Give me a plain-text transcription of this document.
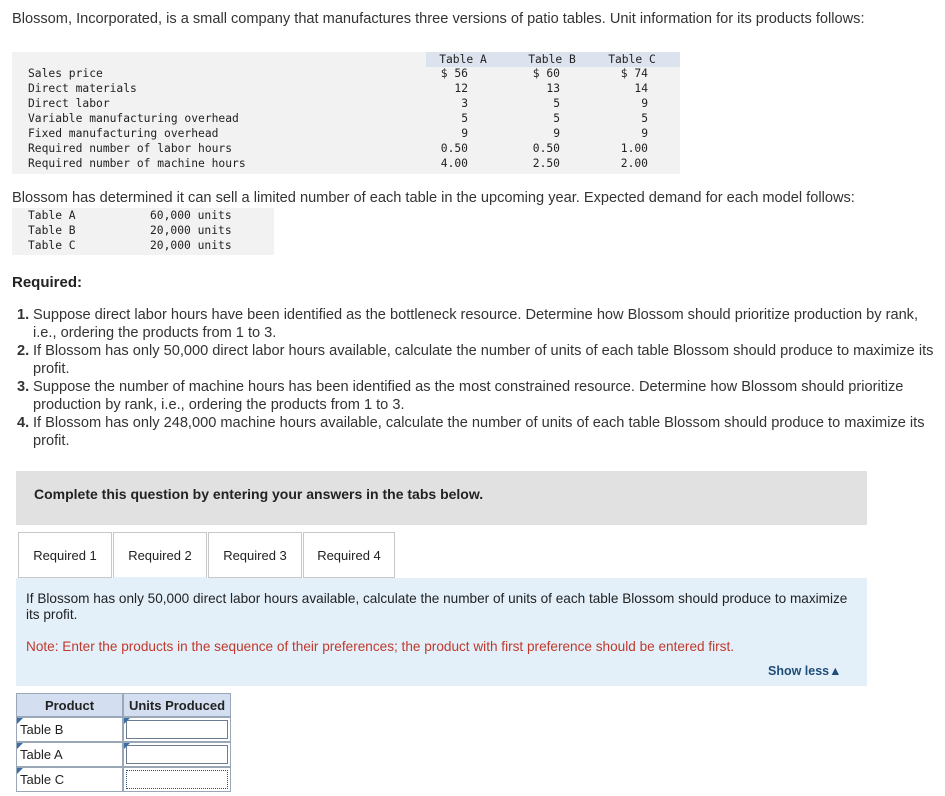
Blossom, Incorporated, is a small company that manufactures three versions of patio tables. Unit information for its products follows:
Table A	Table B	Table C
Sales price	$ 56	$ 60	$ 74
Direct materials	12	13	14
Direct labor	3	5	9
Variable manufacturing overhead	5	5	5
Fixed manufacturing overhead	9	9	9
Required number of labor hours	0.50	0.50	1.00
Required number of machine hours	4.00	2.50	2.00
Blossom has determined it can sell a limited number of each table in the upcoming year. Expected demand for each model follows:
Table A	60,000 units
Table B	20,000 units
Table C	20,000 units
Required:
1. Suppose direct labor hours have been identified as the bottleneck resource. Determine how Blossom should prioritize production by rank, i.e., ordering the products from 1 to 3.
2. If Blossom has only 50,000 direct labor hours available, calculate the number of units of each table Blossom should produce to maximize its profit.
3. Suppose the number of machine hours has been identified as the most constrained resource. Determine how Blossom should prioritize production by rank, i.e., ordering the products from 1 to 3.
4. If Blossom has only 248,000 machine hours available, calculate the number of units of each table Blossom should produce to maximize its profit.
Complete this question by entering your answers in the tabs below.
Required 1	Required 2	Required 3	Required 4
If Blossom has only 50,000 direct labor hours available, calculate the number of units of each table Blossom should produce to maximize its profit.
Note: Enter the products in the sequence of their preferences; the product with first preference should be entered first.
Show less▲
Product	Units Produced
Table B
Table A
Table C
